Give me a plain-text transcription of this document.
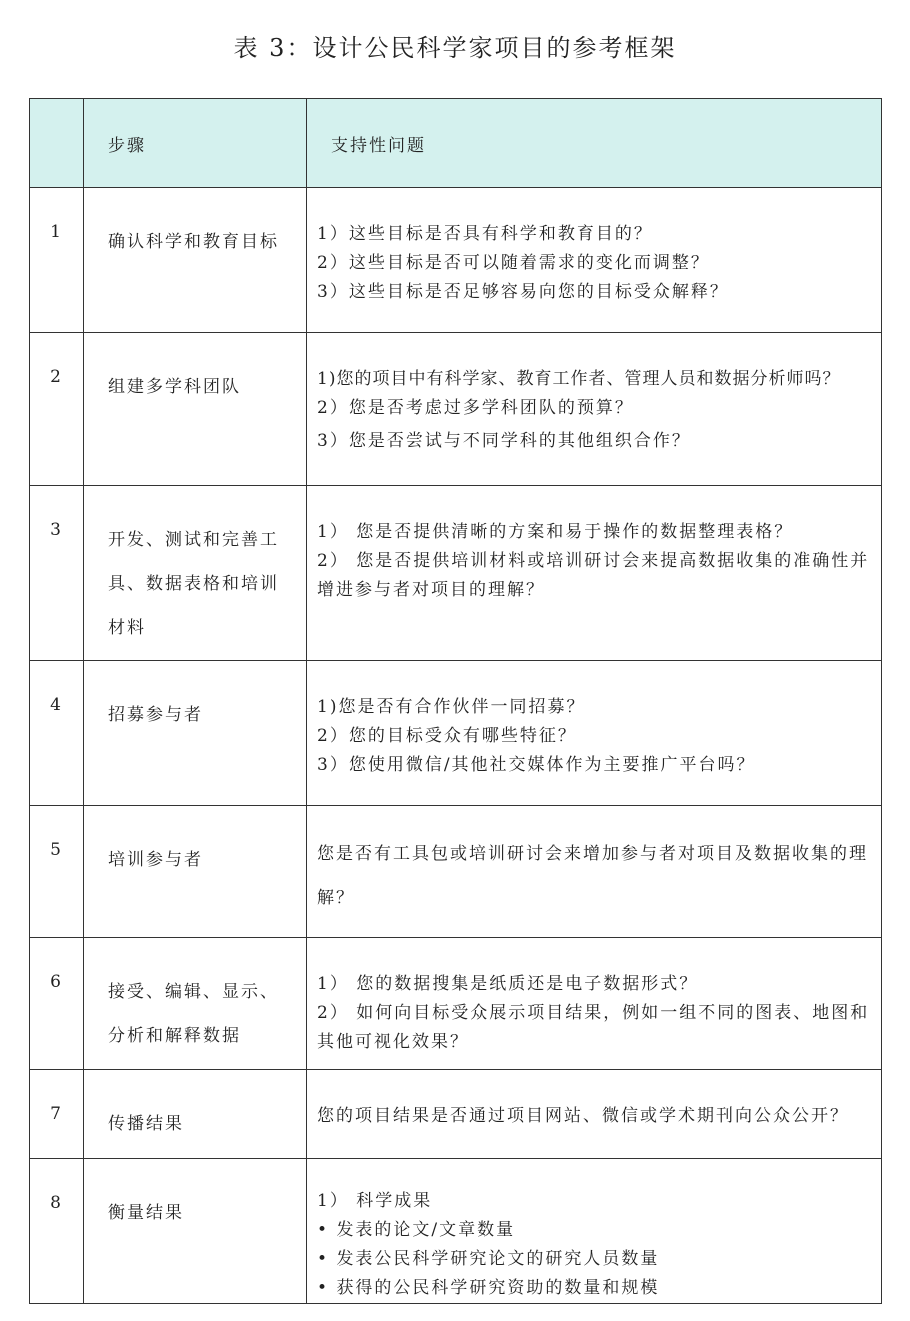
表 3：设计公民科学家项目的参考框架
	步骤	支持性问题
1	确认科学和教育目标	1）这些目标是否具有科学和教育目的？
2）这些目标是否可以随着需求的变化而调整？
3）这些目标是否足够容易向您的目标受众解释？

2	组建多学科团队	1)您的项目中有科学家、教育工作者、管理人员和数据分析师吗？
2）您是否考虑过多学科团队的预算？
3）您是否尝试与不同学科的其他组织合作？

3	开发、测试和完善工具、数据表格和培训材料	1） 您是否提供清晰的方案和易于操作的数据整理表格？
2） 您是否提供培训材料或培训研讨会来提高数据收集的准确性并增进参与者对项目的理解？

4	招募参与者	1)您是否有合作伙伴一同招募？
2）您的目标受众有哪些特征？
3）您使用微信/其他社交媒体作为主要推广平台吗？

5	培训参与者	您是否有工具包或培训研讨会来增加参与者对项目及数据收集的理解？

6	接受、编辑、显示、分析和解释数据	1） 您的数据搜集是纸质还是电子数据形式？
2） 如何向目标受众展示项目结果，例如一组不同的图表、地图和其他可视化效果？

7	传播结果	您的项目结果是否通过项目网站、微信或学术期刊向公众公开？

8	衡量结果	1） 科学成果
• 发表的论文/文章数量
• 发表公民科学研究论文的研究人员数量
• 获得的公民科学研究资助的数量和规模
